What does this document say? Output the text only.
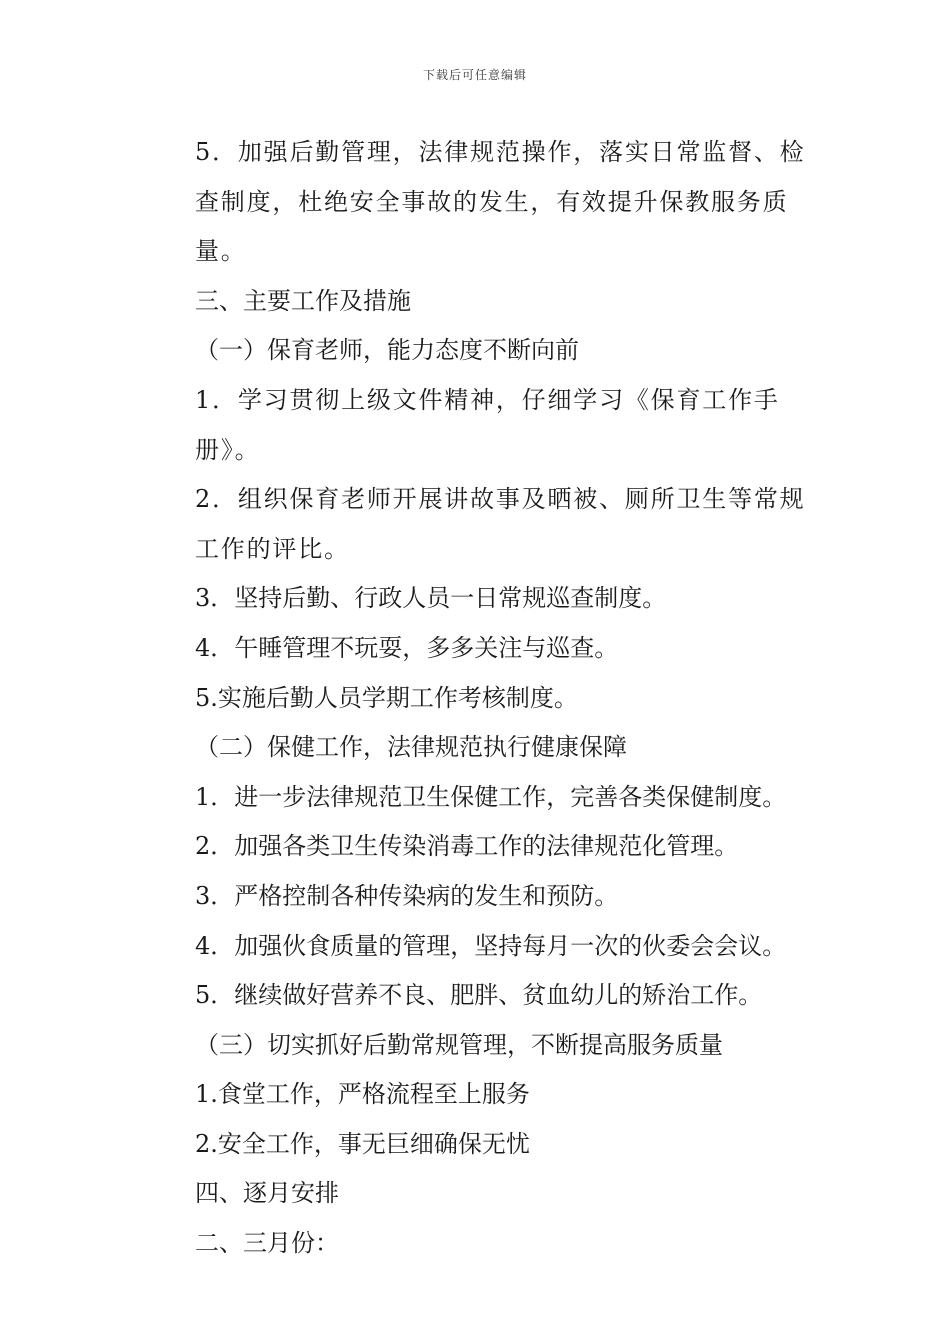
下载后可任意编辑

5．加强后勤管理，法律规范操作，落实日常监督、检查制度，杜绝安全事故的发生，有效提升保教服务质量。

三、主要工作及措施

（一）保育老师，能力态度不断向前

1．学习贯彻上级文件精神，仔细学习《保育工作手册》。

2．组织保育老师开展讲故事及晒被、厕所卫生等常规工作的评比。

3．坚持后勤、行政人员一日常规巡查制度。

4．午睡管理不玩耍，多多关注与巡查。

5.实施后勤人员学期工作考核制度。

（二）保健工作，法律规范执行健康保障

1．进一步法律规范卫生保健工作，完善各类保健制度。

2．加强各类卫生传染消毒工作的法律规范化管理。

3．严格控制各种传染病的发生和预防。

4．加强伙食质量的管理，坚持每月一次的伙委会会议。

5．继续做好营养不良、肥胖、贫血幼儿的矫治工作。

（三）切实抓好后勤常规管理，不断提高服务质量

1.食堂工作，严格流程至上服务

2.安全工作，事无巨细确保无忧

四、逐月安排

二、三月份：
